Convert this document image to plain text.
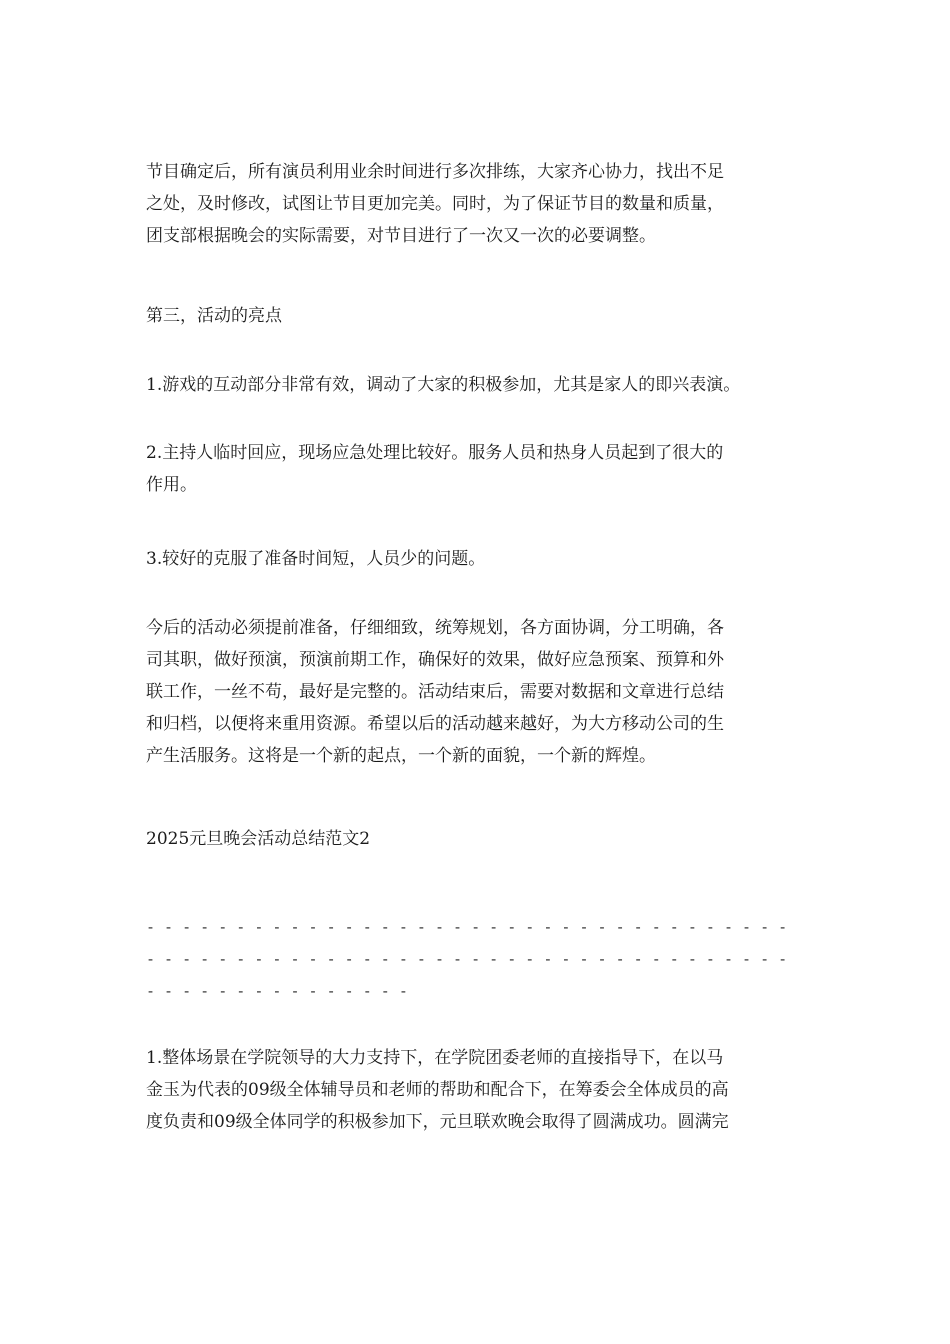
节目确定后，所有演员利用业余时间进行多次排练，大家齐心协力，找出不足
之处，及时修改，试图让节目更加完美。同时，为了保证节目的数量和质量，
团支部根据晚会的实际需要，对节目进行了一次又一次的必要调整。
第三，活动的亮点
1.游戏的互动部分非常有效，调动了大家的积极参加，尤其是家人的即兴表演。
2.主持人临时回应，现场应急处理比较好。服务人员和热身人员起到了很大的
作用。
3.较好的克服了准备时间短，人员少的问题。
今后的活动必须提前准备，仔细细致，统筹规划，各方面协调，分工明确，各
司其职，做好预演，预演前期工作，确保好的效果，做好应急预案、预算和外
联工作，一丝不苟，最好是完整的。活动结束后，需要对数据和文章进行总结
和归档，以便将来重用资源。希望以后的活动越来越好，为大方移动公司的生
产生活服务。这将是一个新的起点，一个新的面貌，一个新的辉煌。
2025元旦晚会活动总结范文2
- - - - - - - - - - - - - - - - - - - - - - - - - - - - - - - - - - - -
- - - - - - - - - - - - - - - - - - - - - - - - - - - - - - - - - - - -
- - - - - - - - - - - - - - -
1.整体场景在学院领导的大力支持下，在学院团委老师的直接指导下，在以马
金玉为代表的09级全体辅导员和老师的帮助和配合下，在筹委会全体成员的高
度负责和09级全体同学的积极参加下，元旦联欢晚会取得了圆满成功。圆满完
